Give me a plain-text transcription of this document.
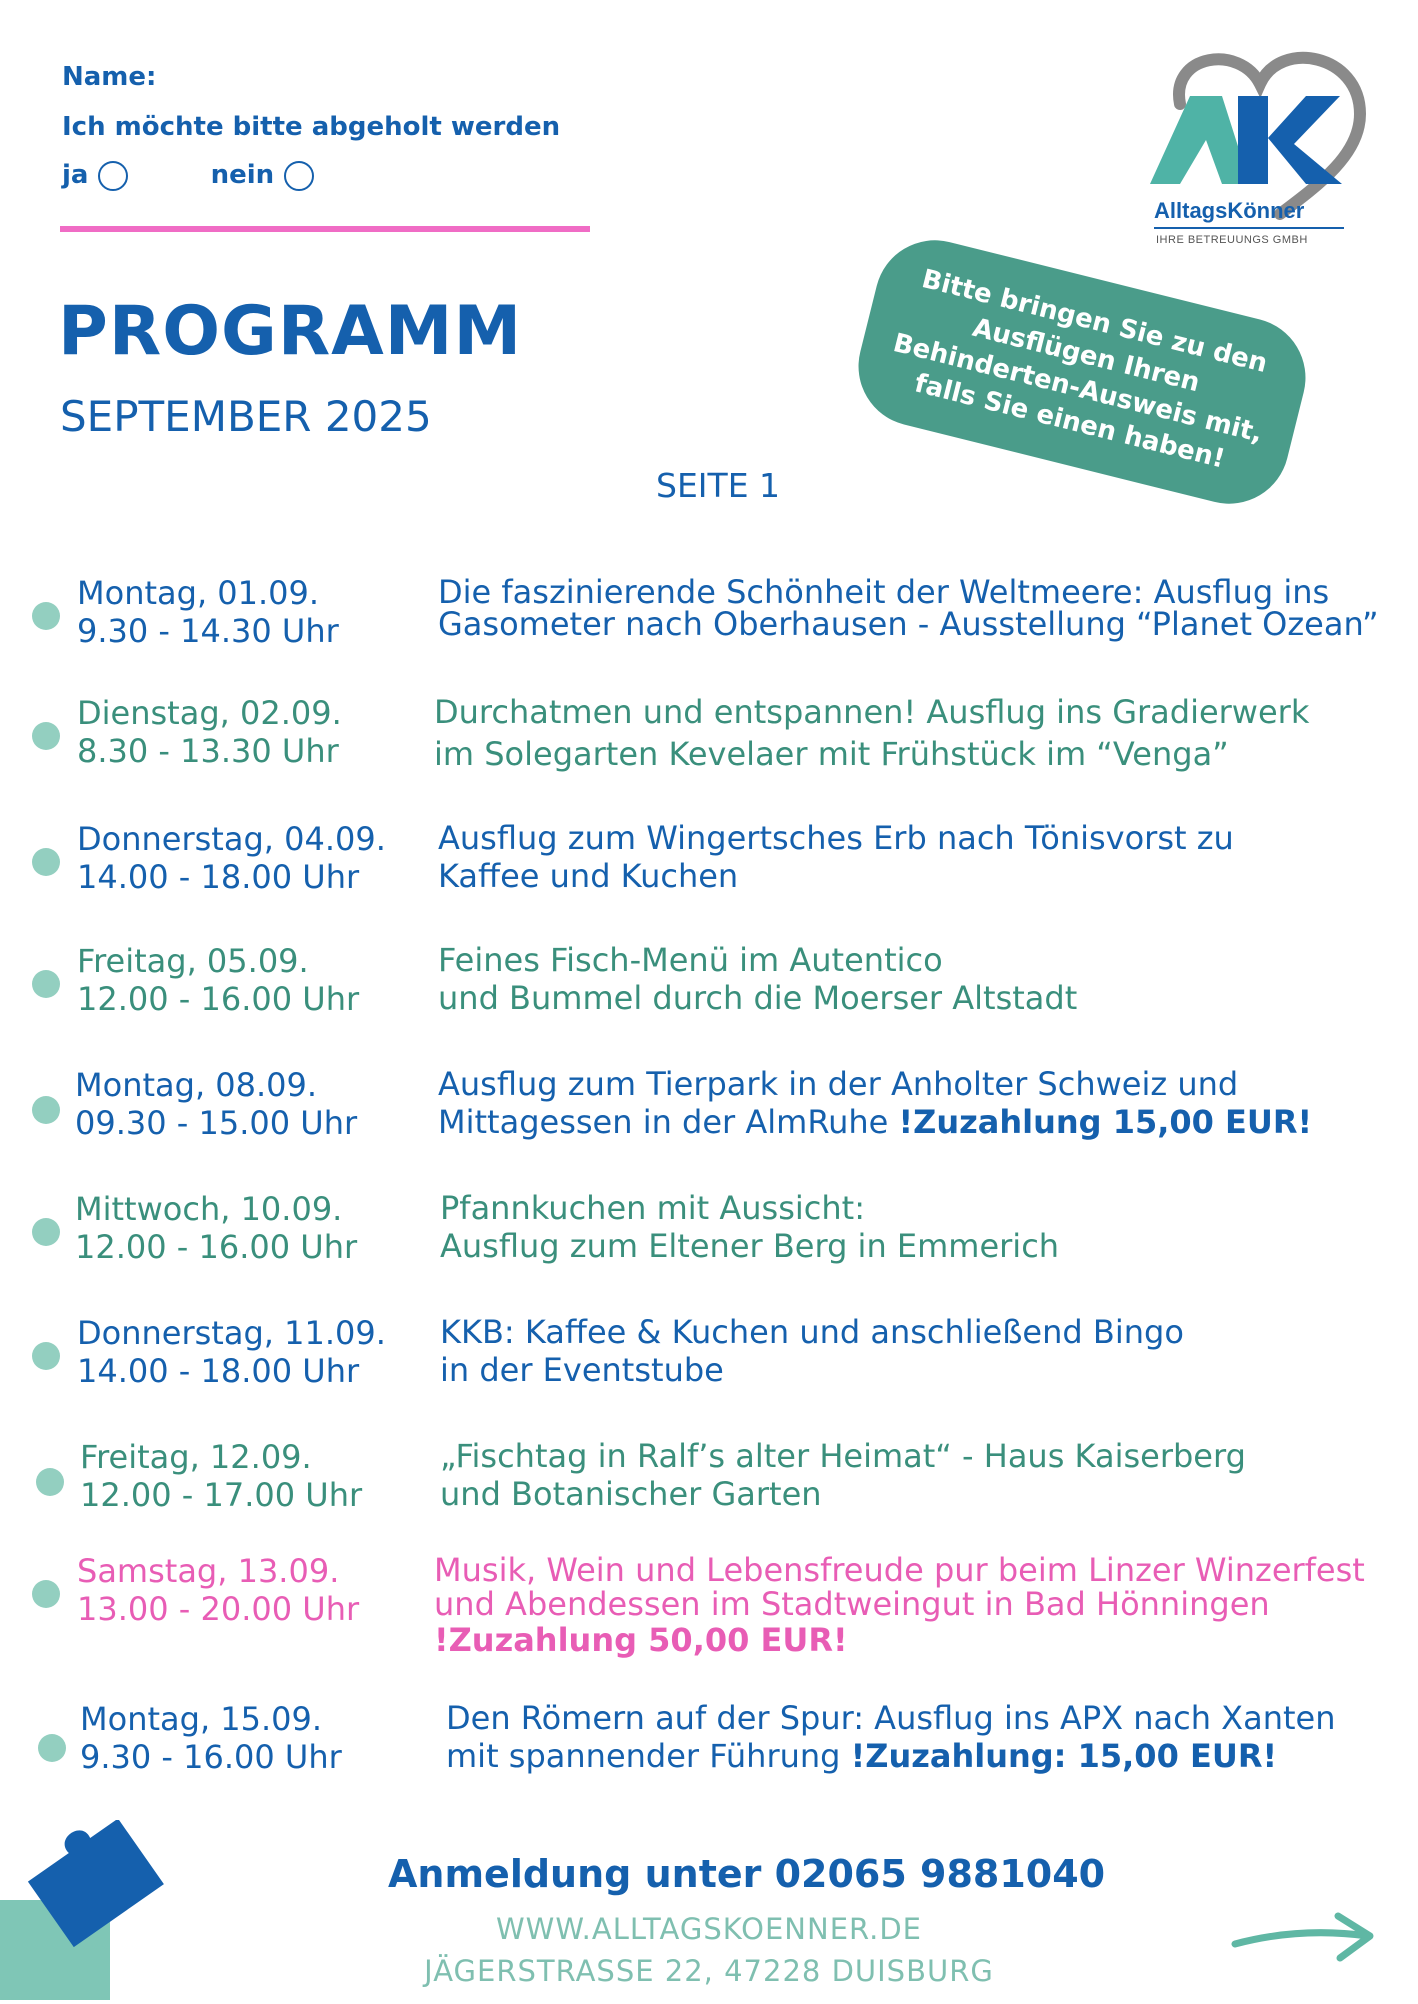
Name:
Ich möchte bitte abgeholt werden
ja	nein
AlltagsKönner
IHRE BETREUUNGS GMBH
Bitte bringen Sie zu den Ausflügen Ihren Behinderten-Ausweis mit, falls Sie einen haben!
PROGRAMM
SEPTEMBER 2025
SEITE 1
Montag, 01.09.
9.30 - 14.30 Uhr
Die faszinierende Schönheit der Weltmeere: Ausflug ins
Gasometer nach Oberhausen - Ausstellung “Planet Ozean”
Dienstag, 02.09.
8.30 - 13.30 Uhr
Durchatmen und entspannen! Ausflug ins Gradierwerk
im Solegarten Kevelaer mit Frühstück im “Venga”
Donnerstag, 04.09.
14.00 - 18.00 Uhr
Ausflug zum Wingertsches Erb nach Tönisvorst zu
Kaffee und Kuchen
Freitag, 05.09.
12.00 - 16.00 Uhr
Feines Fisch-Menü im Autentico
und Bummel durch die Moerser Altstadt
Montag, 08.09.
09.30 - 15.00 Uhr
Ausflug zum Tierpark in der Anholter Schweiz und
Mittagessen in der AlmRuhe !Zuzahlung 15,00 EUR!
Mittwoch, 10.09.
12.00 - 16.00 Uhr
Pfannkuchen mit Aussicht:
Ausflug zum Eltener Berg in Emmerich
Donnerstag, 11.09.
14.00 - 18.00 Uhr
KKB: Kaffee & Kuchen und anschließend Bingo
in der Eventstube
Freitag, 12.09.
12.00 - 17.00 Uhr
„Fischtag in Ralf’s alter Heimat“ - Haus Kaiserberg
und Botanischer Garten
Samstag, 13.09.
13.00 - 20.00 Uhr
Musik, Wein und Lebensfreude pur beim Linzer Winzerfest
und Abendessen im Stadtweingut in Bad Hönningen
!Zuzahlung 50,00 EUR!
Montag, 15.09.
9.30 - 16.00 Uhr
Den Römern auf der Spur: Ausflug ins APX nach Xanten
mit spannender Führung !Zuzahlung: 15,00 EUR!
Anmeldung unter 02065 9881040
WWW.ALLTAGSKOENNER.DE
JÄGERSTRASSE 22, 47228 DUISBURG
